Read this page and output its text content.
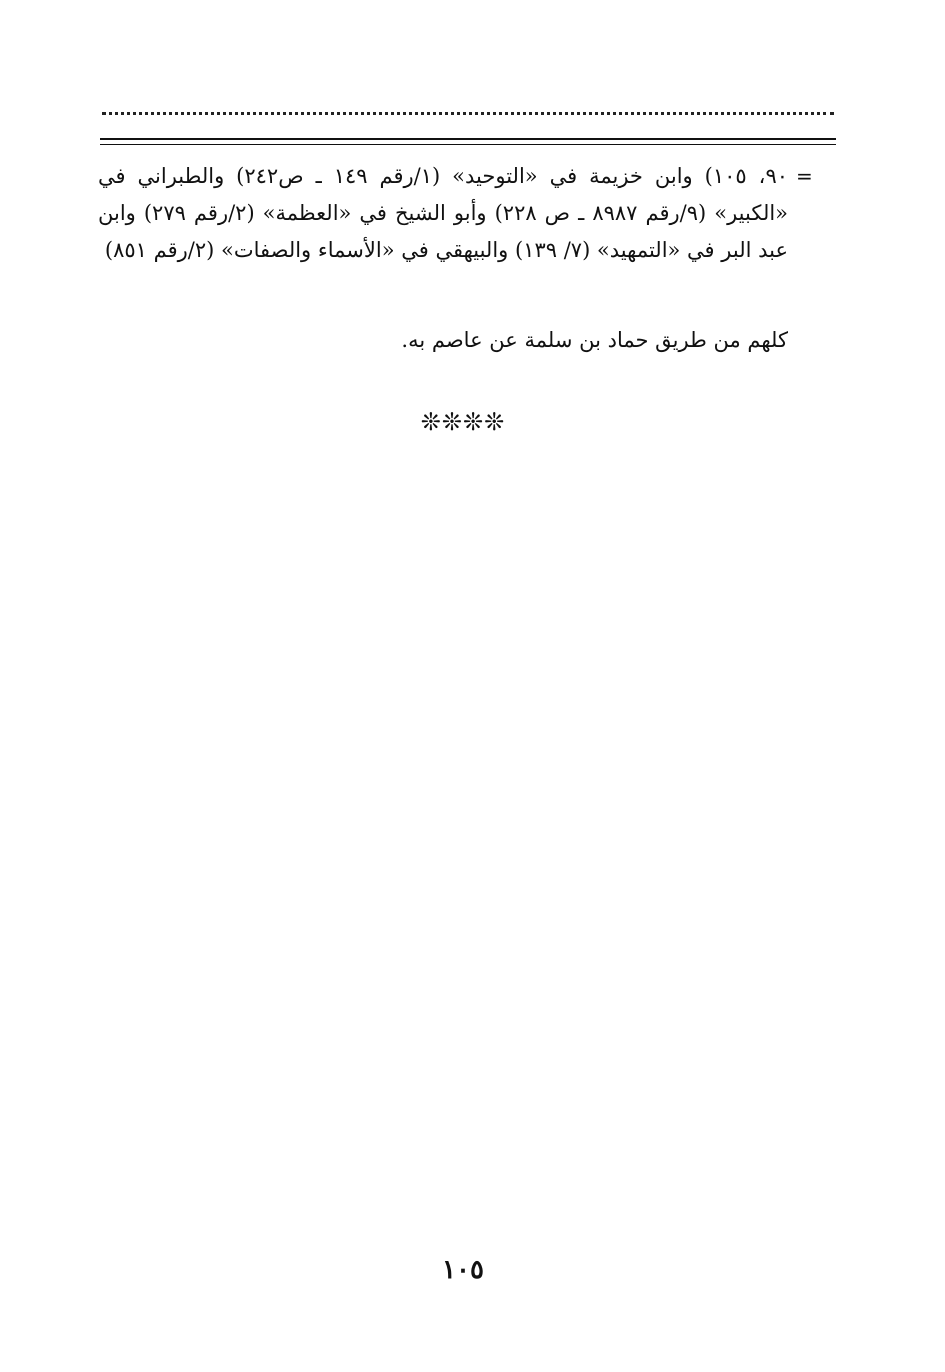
=
٩٠، ١٠٥) وابن خزيمة في «التوحيد» (١/رقم ١٤٩ ـ ص٢٤٢) والطبراني في «الكبير» (٩/رقم ٨٩٨٧ ـ ص ٢٢٨) وأبو الشيخ في «العظمة» (٢/رقم ٢٧٩) وابن عبد البر في «التمهيد» (٧/ ١٣٩) والبيهقي في «الأسماء والصفات» (٢/رقم ٨٥١)
كلهم من طريق حماد بن سلمة عن عاصم به.
❊❊❊❊
١٠٥
